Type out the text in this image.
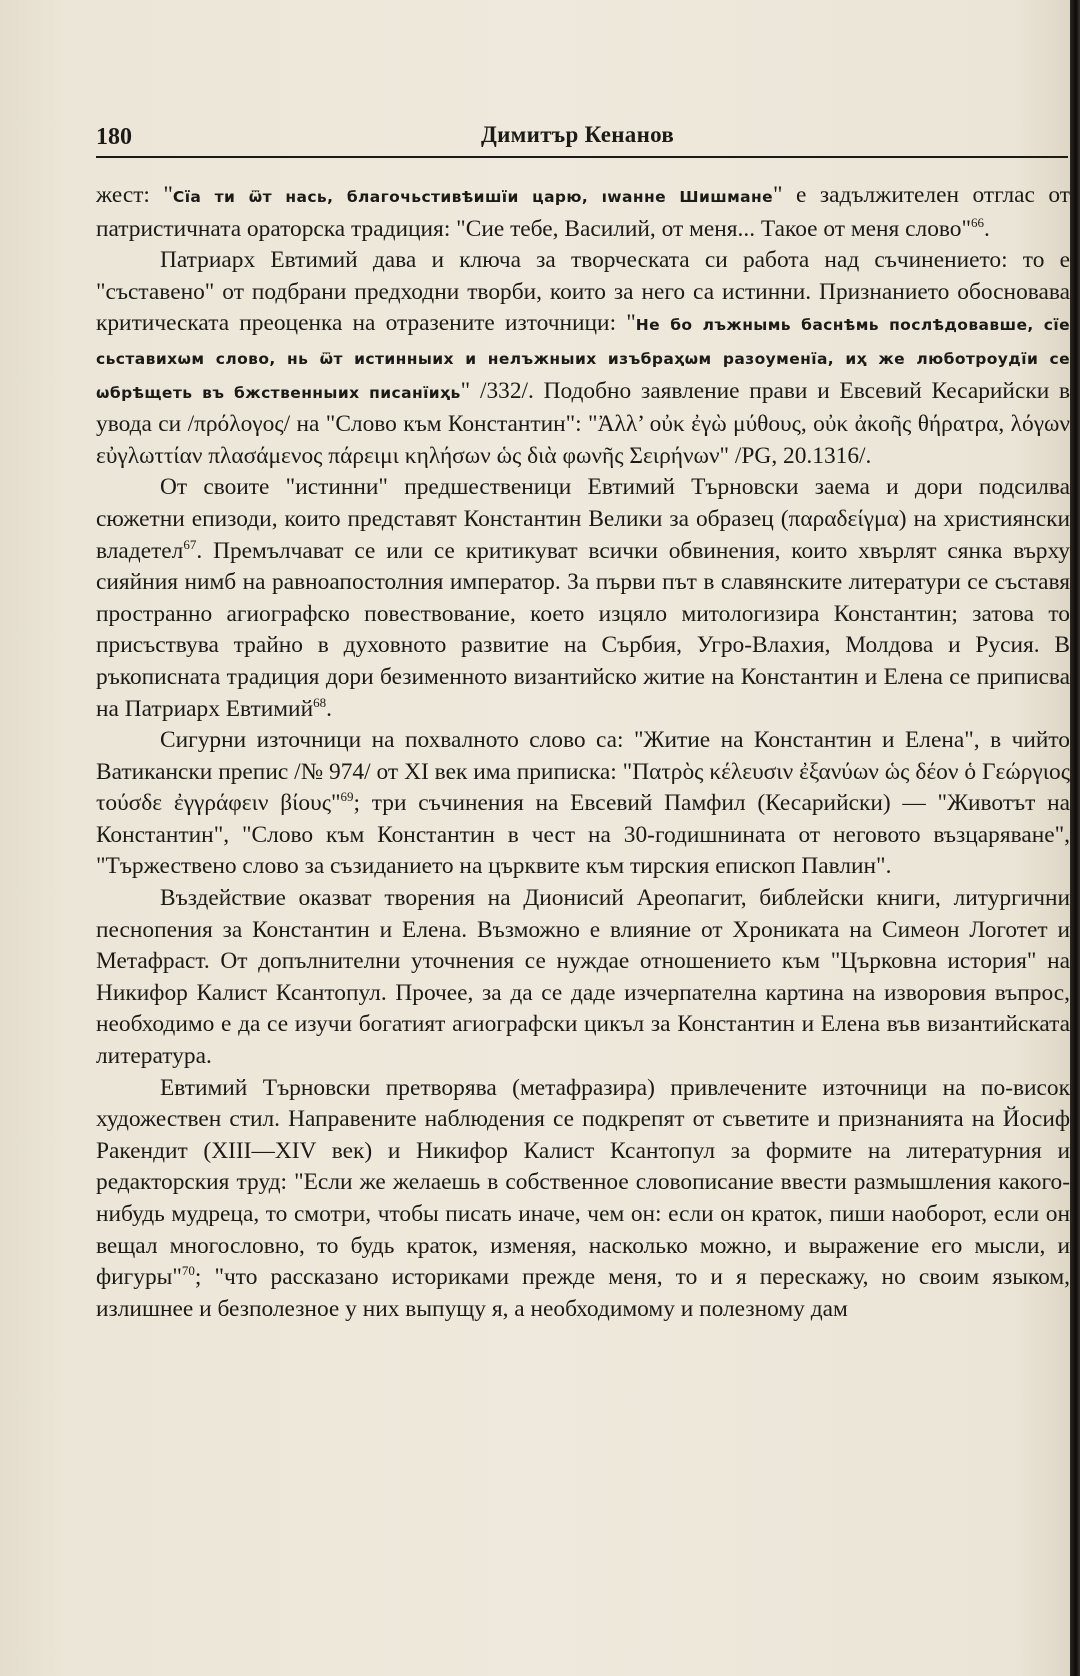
180	Димитър Кенанов

жест: "Сїа ти ѿт нась, благочьстивѣишїи царю, ıwанне Шишмане" е задължителен отглас от патристичната ораторска традиция: "Сие тебе, Василий, от меня... Такое от меня слово"$^{66}$.

Патриарх Евтимий дава и ключа за творческата си работа над съчинението: то е "съставено" от подбрани предходни творби, които за него са истинни. Признанието обосновава критическата преоценка на отразените източници: "Не бо лъжнымь баснѣмь послѣдовавше, сїе сьставихѡм слово, нь ѿт истинныих и нелъжныих изъбраҳѡм разоуменїа, иҳ же люботроудїи се ѡбрѣщеть въ бжственныих писанїиҳь" /332/. Подобно заявление прави и Евсевий Кесарийски в увода си /πρόλογος/ на "Слово към Константин": "Ἀλλ’ οὐκ ἐγὼ μύθους, οὐκ ἀκοῆς θήρατρα, λόγων εὐγλωττίαν πλασάμενος πάρειμι κηλήσων ὡς διὰ φωνῆς Σειρήνων" /PG, 20.1316/.

От своите "истинни" предшественици Евтимий Търновски заема и дори подсилва сюжетни епизоди, които представят Константин Велики за образец (παραδείγμα) на християнски владетел$^{67}$. Премълчават се или се критикуват всички обвинения, които хвърлят сянка върху сияйния нимб на равноапостолния император. За първи път в славянските литератури се съставя пространно агиографско повествование, което изцяло митологизира Константин; затова то присъствува трайно в духовното развитие на Сърбия, Угро-Влахия, Молдова и Русия. В ръкописната традиция дори безименното византийско житие на Константин и Елена се приписва на Патриарх Евтимий$^{68}$.

Сигурни източници на похвалното слово са: "Житие на Константин и Елена", в чийто Ватикански препис /№ 974/ от XI век има приписка: "Πατρὸς κέλευσιν ἐξανύων ὡς δέον ὁ Γεώργιος τούσδε ἐγγράφειν βίους"$^{69}$; три съчинения на Евсевий Памфил (Кесарийски) — "Животът на Константин", "Слово към Константин в чест на 30-годишнината от неговото възцаряване", "Тържествено слово за съзиданието на църквите към тирския епископ Павлин".

Въздействие оказват творения на Дионисий Ареопагит, библейски книги, литургични песнопения за Константин и Елена. Възможно е влияние от Хрониката на Симеон Логотет и Метафраст. От допълнителни уточнения се нуждае отношението към "Църковна история" на Никифор Калист Ксантопул. Прочее, за да се даде изчерпателна картина на изворовия въпрос, необходимо е да се изучи богатият агиографски цикъл за Константин и Елена във византийската литература.

Евтимий Търновски претворява (метафразира) привлечените източници на по-висок художествен стил. Направените наблюдения се подкрепят от съветите и признанията на Йосиф Ракендит (XIII—XIV век) и Никифор Калист Ксантопул за формите на литературния и редакторския труд: "Если же желаешь в собственное словописание ввести размышления какого-нибудь мудреца, то смотри, чтобы писать иначе, чем он: если он краток, пиши наоборот, если он вещал многословно, то будь краток, изменяя, насколько можно, и выражение его мысли, и фигуры"$^{70}$; "что рассказано историками прежде меня, то и я перескажу, но своим языком, излишнее и безполезное у них выпущу я, а необходимому и полезному дам
